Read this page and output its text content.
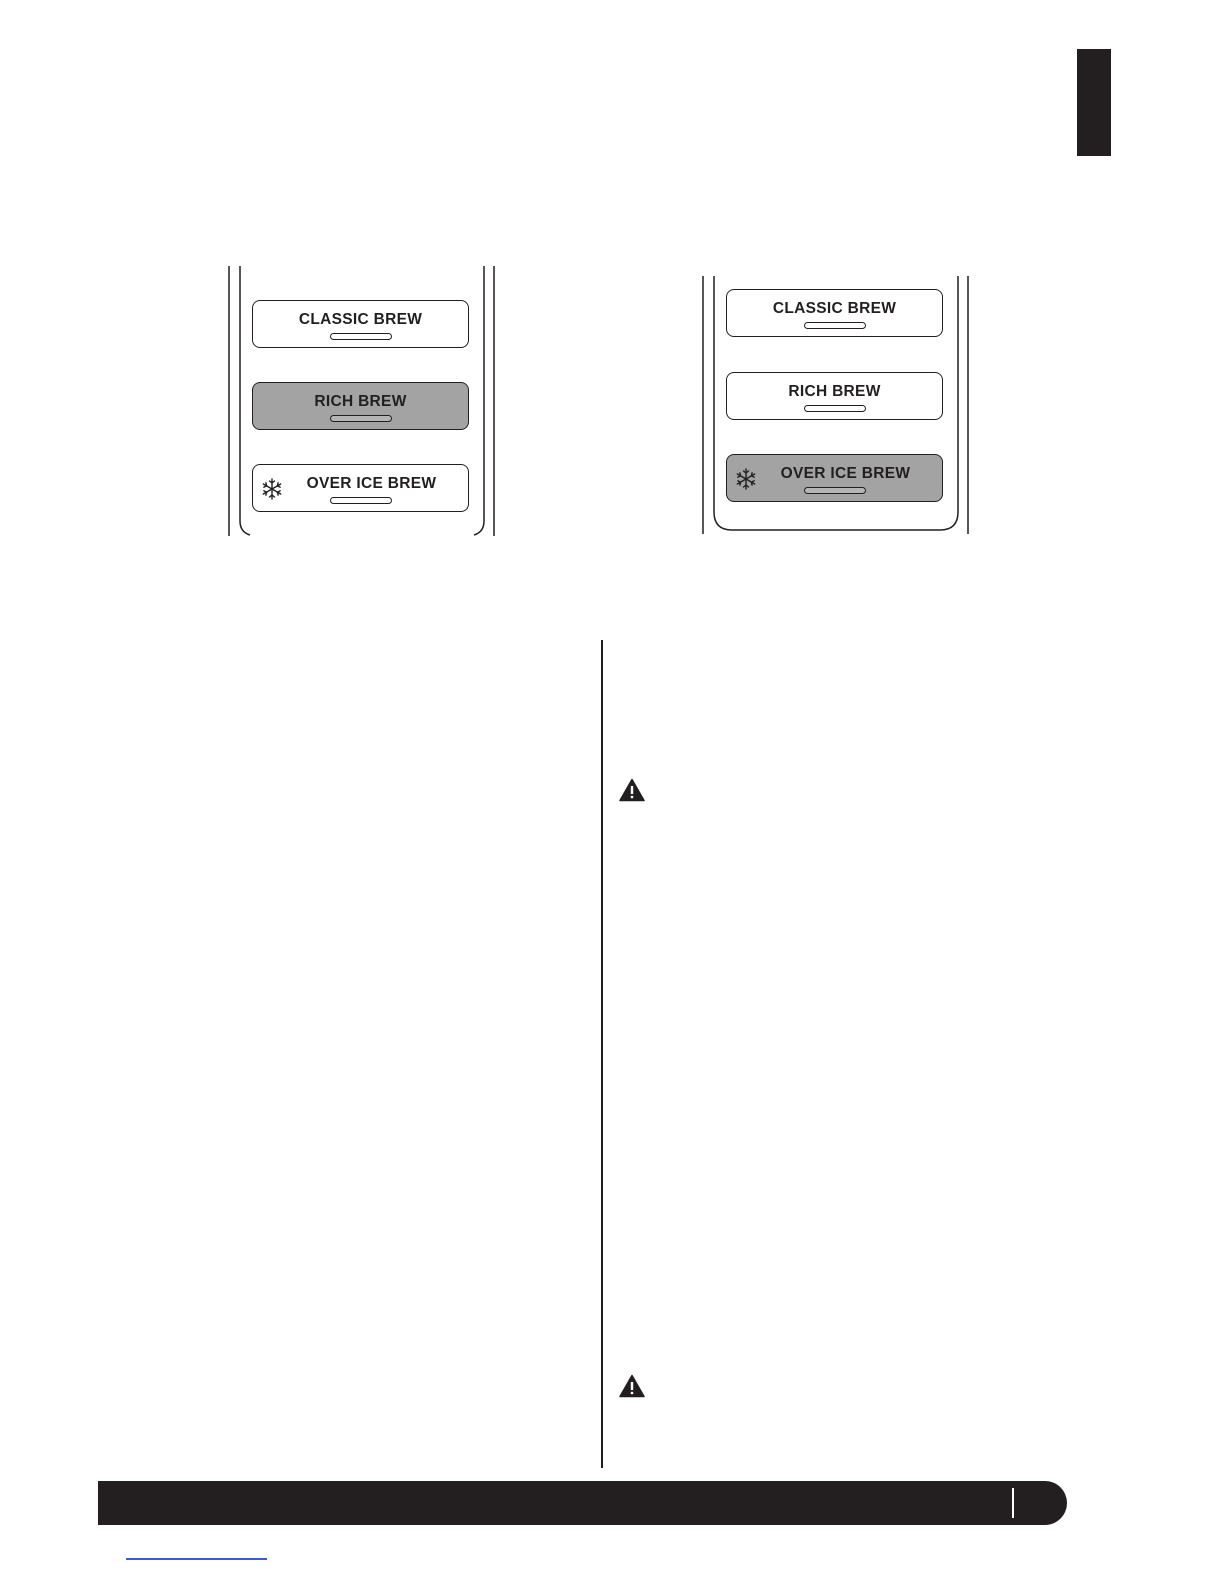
CLASSIC BREW
RICH BREW
OVER ICE BREW
CLASSIC BREW
RICH BREW
OVER ICE BREW
